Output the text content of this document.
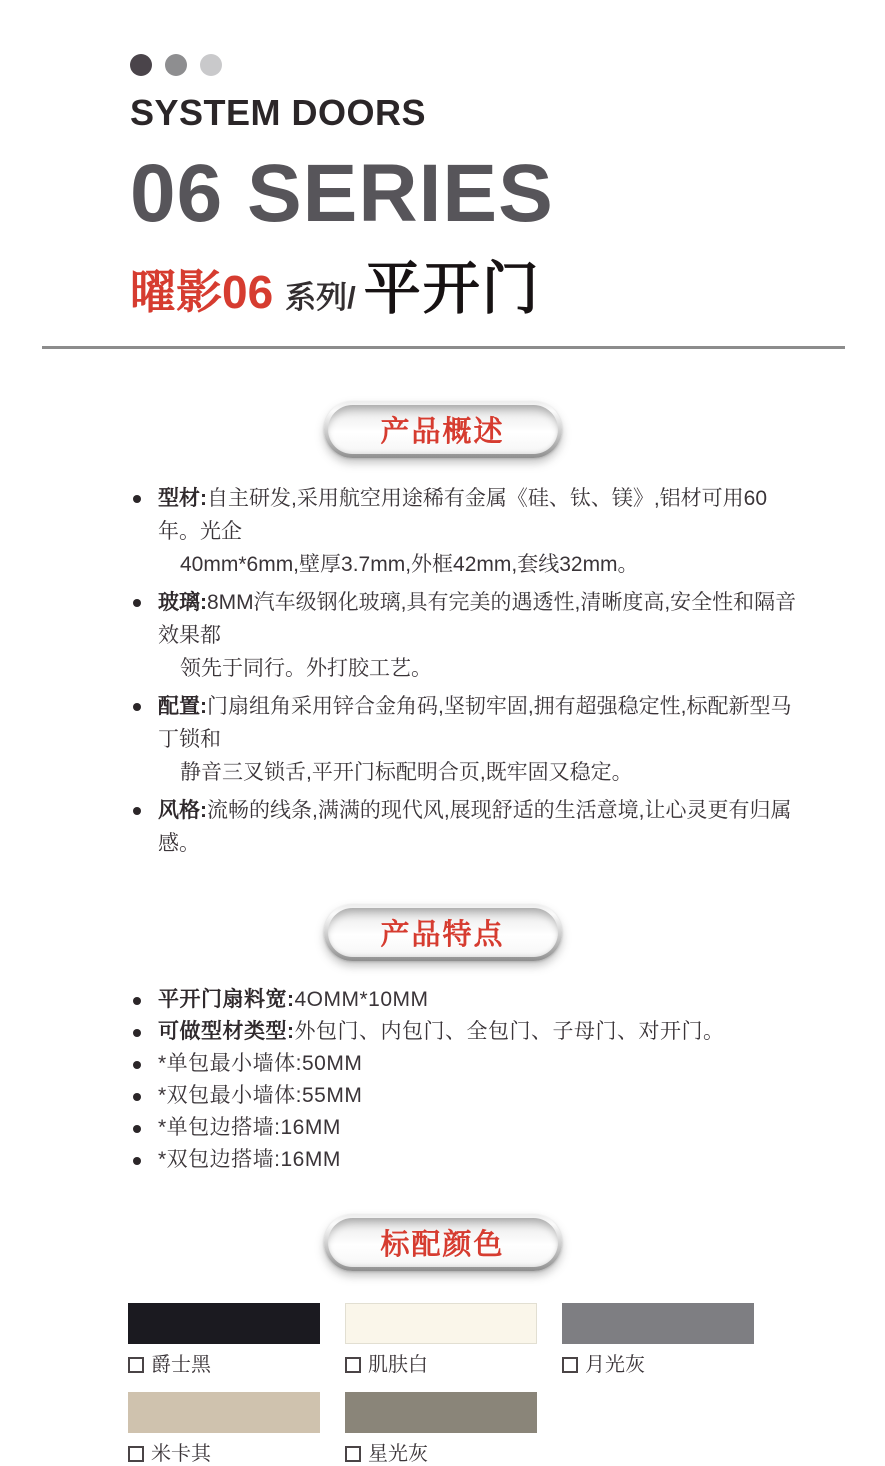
SYSTEM DOORS
06 SERIES
曜影06 系列/ 平开门
产品概述
型材:自主研发,采用航空用途稀有金属《硅、钛、镁》,铝材可用60年。光企
40mm*6mm,壁厚3.7mm,外框42mm,套线32mm。
玻璃:8MM汽车级钢化玻璃,具有完美的遇透性,清晰度高,安全性和隔音效果都
领先于同行。外打胶工艺。
配置:门扇组角采用锌合金角码,坚韧牢固,拥有超强稳定性,标配新型马丁锁和
静音三叉锁舌,平开门标配明合页,既牢固又稳定。
风格:流畅的线条,满满的现代风,展现舒适的生活意境,让心灵更有归属感。
产品特点
平开门扇料宽:4OMM*10MM
可做型材类型:外包门、内包门、全包门、子母门、对开门。
*单包最小墙体:50MM
*双包最小墙体:55MM
*单包边搭墙:16MM
*双包边搭墙:16MM
标配颜色
爵士黑	肌肤白	月光灰
米卡其	星光灰
